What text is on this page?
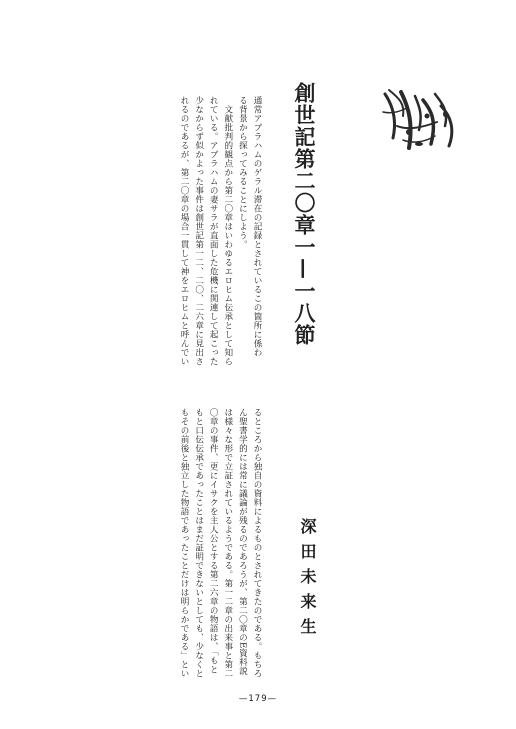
創世記第二〇章一—一八節
深田未来生
通常アブラハムのゲラル滞在の記録とされているこの箇所に係わ
る背景から探ってみることにしよう。
　文献批判的観点から第二〇章はいわゆるエロヒム伝承として知ら
れている。アブラハムの妻サラが直面した危機に関連して起こった
少なからず似かよった事件は創世記第一二、二〇、二六章に見出さ
れるのであるが、第二〇章の場合一貫して神をエロヒムと呼んでい
るところから独自の資料によるものとされてきたのである。もちろ
ん聖書学的には常に議論が残るのであろうが、第二〇章のE資料説
は様々な形で立証されているようである。第一二章の出来事と第二
〇章の事件、更にイサクを主人公とする第二六章の物語は、「もと
もと口伝伝承であったことはまだ証明できないとしても、少なくと
もその前後と独立した物語であったことだけは明らかである」とい
—179—
